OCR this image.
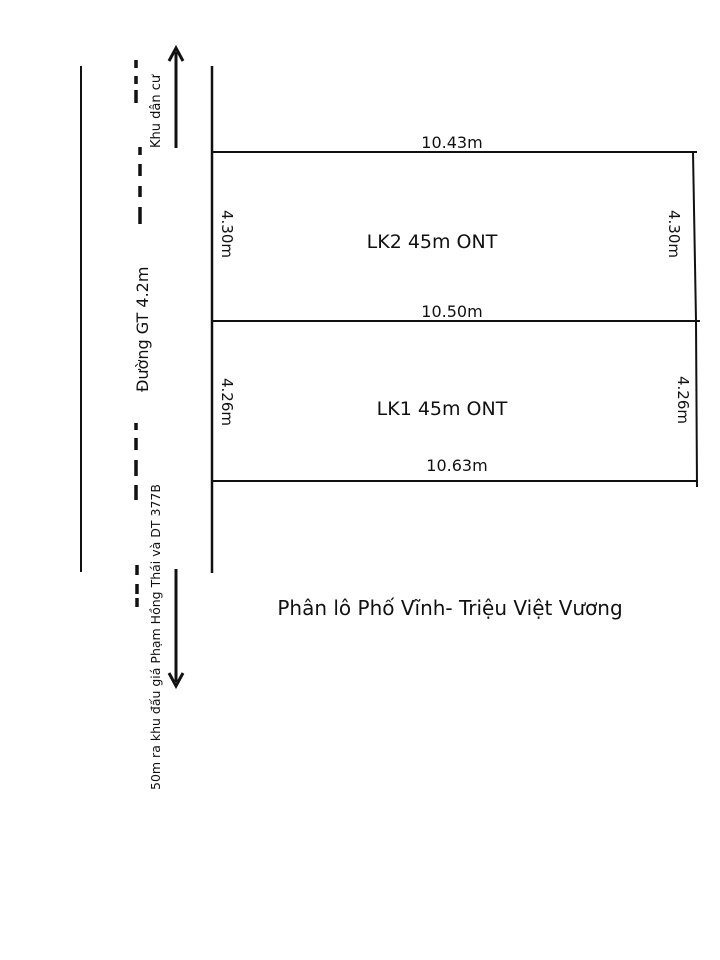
Khu dân cư
Đường GT 4.2m
50m ra khu đấu giá Phạm Hồng Thái và DT 377B
10.43m
LK2 45m ONT
4.30m	4.30m
10.50m
LK1 45m ONT
4.26m	4.26m
10.63m
Phân lô Phố Vĩnh- Triệu Việt Vương
